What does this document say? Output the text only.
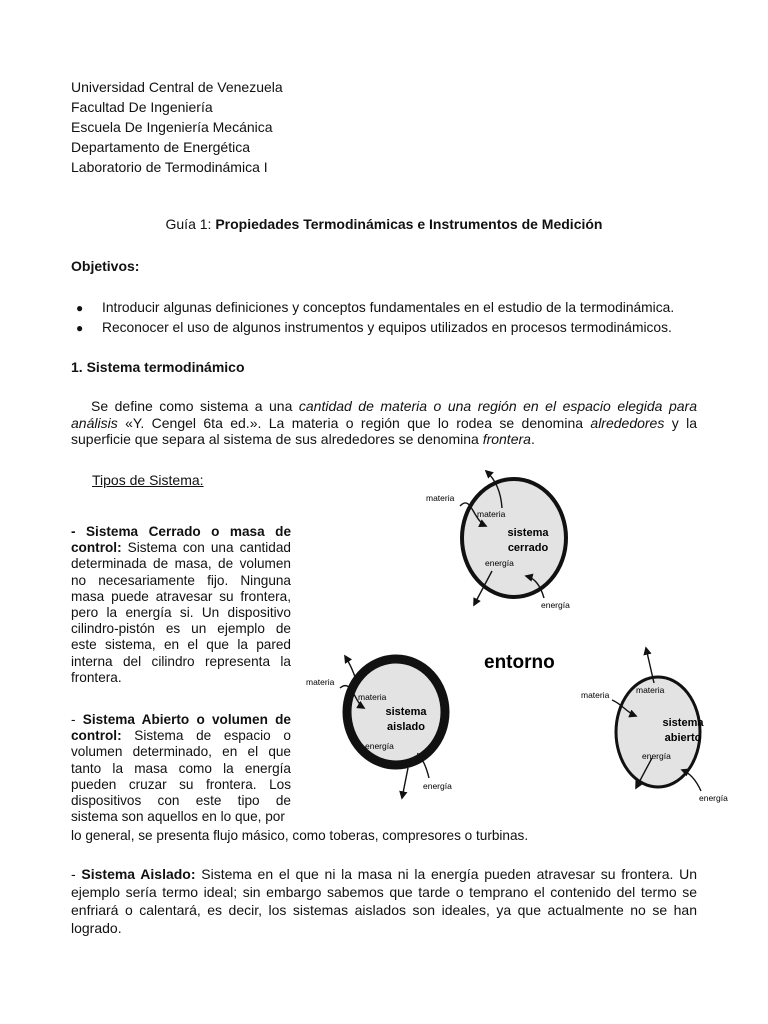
Universidad Central de Venezuela
Facultad De Ingeniería
Escuela De Ingeniería Mecánica
Departamento de Energética
Laboratorio de Termodinámica I
Guía 1: Propiedades Termodinámicas e Instrumentos de Medición
Objetivos:
● Introducir algunas definiciones y conceptos fundamentales en el estudio de la termodinámica.
● Reconocer el uso de algunos instrumentos y equipos utilizados en procesos termodinámicos.
1. Sistema termodinámico
Se define como sistema a una cantidad de materia o una región en el espacio elegida para análisis «Y. Cengel 6ta ed.». La materia o región que lo rodea se denomina alrededores y la superficie que separa al sistema de sus alrededores se denomina frontera.
Tipos de Sistema:
- Sistema Cerrado o masa de control: Sistema con una cantidad determinada de masa, de volumen no necesariamente fijo. Ninguna masa puede atravesar su frontera, pero la energía si. Un dispositivo cilindro-pistón es un ejemplo de este sistema, en el que la pared interna del cilindro representa la frontera.
- Sistema Abierto o volumen de control: Sistema de espacio o volumen determinado, en el que tanto la masa como la energía pueden cruzar su frontera. Los dispositivos con este tipo de sistema son aquellos en lo que, por
lo general, se presenta flujo másico, como toberas, compresores o turbinas.
- Sistema Aislado: Sistema en el que ni la masa ni la energía pueden atravesar su frontera. Un ejemplo sería termo ideal; sin embargo sabemos que tarde o temprano el contenido del termo se enfriará o calentará, es decir, los sistemas aislados son ideales, ya que actualmente no se han logrado.
sistema
cerrado
materia
materia
energía
energía
entorno
sistema
aislado
materia
materia
energía
energía
sistema
abierto
materia	materia
energía
energía
